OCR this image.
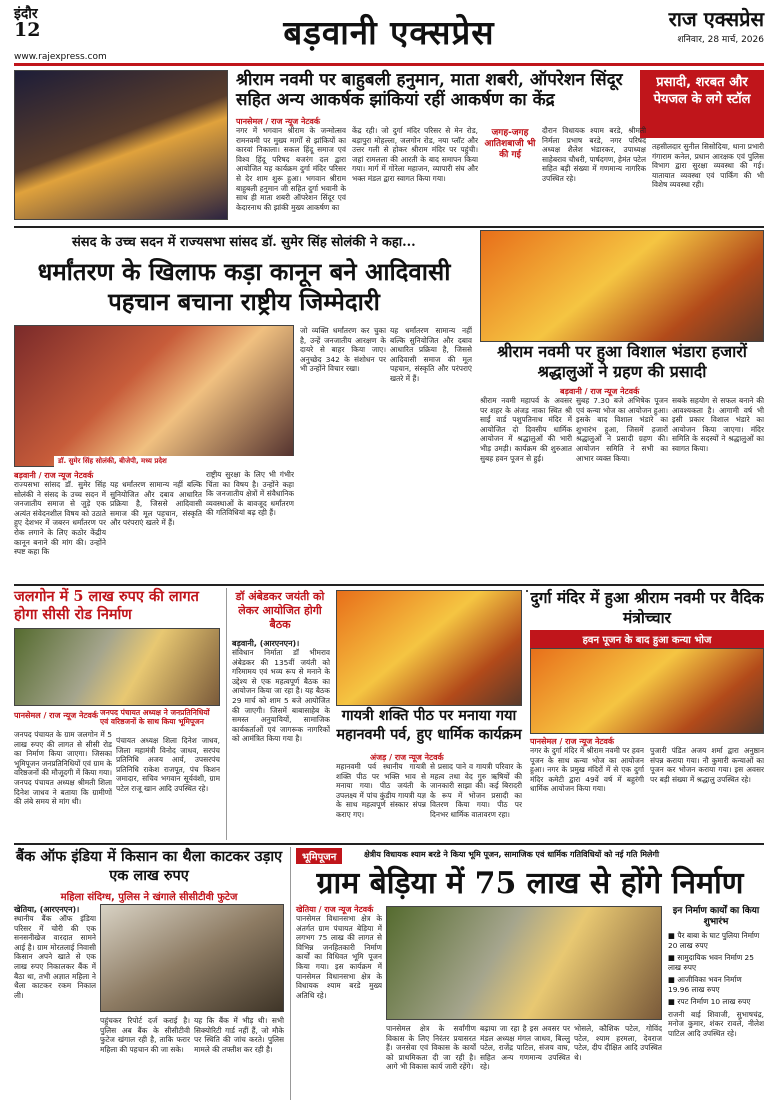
इंदौर
12	बड़वानी एक्सप्रेस	राज एक्सप्रेस
शनिवार, 28 मार्च, 2026
www.rajexpress.com
श्रीराम नवमी पर बाहुबली हनुमान, माता शबरी, ऑपरेशन सिंदूर सहित अन्य आकर्षक झांकियां रहीं आकर्षण का केंद्र
प्रसादी, शरबत और पेयजल के लगे स्टॉल
पानसेमल / राज न्यूज नेटवर्क
नगर में भगवान श्रीराम के जन्मोत्सव रामनवमी पर मुख्य मार्गों से झांकियों का कारवां निकाला। सकल हिंदू समाज एवं विश्व हिंदू परिषद बजरंग दल द्वारा आयोजित यह कार्यक्रम दुर्गा मंदिर परिसर से देर शाम शुरू हुआ। भगवान श्रीराम बाहुबली हनुमान जी सहित दुर्गा भवानी के साथ ही माता शबरी ऑपरेशन सिंदूर एवं केदारनाथ की झांकी मुख्य आकर्षण का
केंद्र रही। जो दुर्गा मंदिर परिसर से मेन रोड, बड़ापुरा मोहल्ला, जलगोन रोड, नया प्लॉट और उत्तर गली से होकर श्रीराम मंदिर पर पहुंची। जहां रामलला की आरती के बाद समापन किया गया। मार्ग में गोरेला महाजन, व्यापारी संघ और भक्त मंडल द्वारा स्वागत किया गया।
जगह-जगह आतिशबाजी भी की गई
दौरान विधायक श्याम बरडे, श्रीमती निर्मला प्रभाष बरडे, नगर परिषद अध्यक्ष शैलेश भंडारकर, उपाध्यक्ष साहेबराव चौधरी, पार्षदगण, हेमंत पटेल सहित बड़ी संख्या में गणमान्य नागरिक उपस्थित रहे।
तहसीलदार सुनील सिसोदिया, थाना प्रभारी गंगाराम कनेल, प्रधान आरक्षक एवं पुलिस विभाग द्वारा सुरक्षा व्यवस्था की गई। यातायात व्यवस्था एवं पार्किंग की भी विशेष व्यवस्था रही।
संसद के उच्च सदन में राज्यसभा सांसद डॉ. सुमेर सिंह सोलंकी ने कहा...
धर्मांतरण के खिलाफ कड़ा कानून बने आदिवासी पहचान बचाना राष्ट्रीय जिम्मेदारी
डॉ. सुमेर सिंह सोलंकी, बीजेपी, मध्य प्रदेश
बड़वानी / राज न्यूज नेटवर्क
राज्यसभा सांसद डॉ. सुमेर सिंह सोलंकी ने संसद के उच्च सदन में जनजातीय समाज से जुड़े एक अत्यंत संवेदनशील विषय को उठाते हुए देशभर में जबरन धर्मांतरण पर रोक लगाने के लिए कठोर केंद्रीय कानून बनाने की मांग की। उन्होंने स्पष्ट कहा कि
यह धर्मांतरण सामान्य नहीं बल्कि सुनियोजित और दबाव आधारित प्रक्रिया है, जिससे आदिवासी समाज की मूल पहचान, संस्कृति और परंपराएं खतरे में हैं।
राष्ट्रीय सुरक्षा के लिए भी गंभीर चिंता का विषय है। उन्होंने कहा कि जनजातीय क्षेत्रों में संवैधानिक व्यवस्थाओं के बावजूद धर्मांतरण की गतिविधियां बढ़ रही हैं।
जो व्यक्ति धर्मांतरण कर चुका है, उन्हें जनजातीय आरक्षण के दायरे से बाहर किया जाए। अनुच्छेद 342 के संशोधन पर भी उन्होंने विचार रखा।
यह धर्मांतरण सामान्य नहीं बल्कि सुनियोजित और दबाव आधारित प्रक्रिया है, जिससे आदिवासी समाज की मूल पहचान, संस्कृति और परंपराएं खतरे में हैं।
श्रीराम नवमी पर हुआ विशाल भंडारा हजारों श्रद्धालुओं ने ग्रहण की प्रसादी
बड़वानी / राज न्यूज नेटवर्क
श्रीराम नवमी महापर्व के अवसर पर शहर के अंजड़ नाका स्थित श्री साईं वार्ड पशुपतिनाथ मंदिर में आयोजित दो दिवसीय धार्मिक आयोजन में श्रद्धालुओं की भारी भीड़ उमड़ी। कार्यक्रम की शुरुआत सुबह हवन पूजन से हुई।
सुबह 7.30 बजे अभिषेक पूजन एवं कन्या भोज का आयोजन हुआ। इसके बाद विशाल भंडारे का शुभारंभ हुआ, जिसमें हजारों श्रद्धालुओं ने प्रसादी ग्रहण की। आयोजन समिति ने सभी का आभार व्यक्त किया।
सबके सहयोग से सफल बनाने की आवश्यकता है। आगामी वर्ष भी इसी प्रकार विशाल भंडारे का आयोजन किया जाएगा। मंदिर समिति के सदस्यों ने श्रद्धालुओं का स्वागत किया।
जलगोन में 5 लाख रुपए की लागत होगा सीसी रोड निर्माण
पानसेमल / राज न्यूज नेटवर्क जनपद पंचायत अध्यक्ष ने जनप्रतिनिधियों एवं वरिष्ठजनों के साथ किया भूमिपूजन
जनपद पंचायत के ग्राम जलगोन में 5 लाख रुपए की लागत से सीसी रोड का निर्माण किया जाएगा। जिसका भूमिपूजन जनप्रतिनिधियों एवं ग्राम के वरिष्ठजनों की मौजूदगी में किया गया। जनपद पंचायत अध्यक्ष श्रीमती शिला दिनेश जाधव ने बताया कि ग्रामीणों की लंबे समय से मांग थी।
पंचायत अध्यक्ष शिला दिनेश जाधव, जिला महामंत्री विनोद जाधव, सरपंच प्रतिनिधि अजय आर्य, उपसरपंच प्रतिनिधि राकेश राजपूत, पंच किशन जमादार, सचिव भगवान सूर्यवंशी, ग्राम पटेल राजू खान आदि उपस्थित रहे।
डॉ अंबेडकर जयंती को लेकर आयोजित होगी बैठक
बड़वानी, (आरएनएन)।
संविधान निर्माता डॉ भीमराव अंबेडकर की 135वीं जयंती को गरिमामय एवं भव्य रूप से मनाने के उद्देश्य से एक महत्वपूर्ण बैठक का आयोजन किया जा रहा है। यह बैठक 29 मार्च को शाम 5 बजे आयोजित की जाएगी। जिसमें बाबासाहेब के समस्त अनुयायियों, सामाजिक कार्यकर्ताओं एवं जागरूक नागरिकों को आमंत्रित किया गया है।
गायत्री शक्ति पीठ पर मनाया गया महानवमी पर्व, हुए धार्मिक कार्यक्रम
अंजड़ / राज न्यूज नेटवर्क
महानवमी पर्व स्थानीय गायत्री शक्ति पीठ पर भक्ति भाव से मनाया गया। पीठ जयंती के उपलक्ष्य में पांच कुंडीय गायत्री यज्ञ के साथ महत्वपूर्ण संस्कार संपन्न कराए गए।
से प्रसाद पाने व गायत्री परिवार के महत्व तथा वेद गुरु ऋषियों की जानकारी साझा की। कई बिरादरी के रूप में भोजन प्रसादी का वितरण किया गया। पीठ पर दिनभर धार्मिक वातावरण रहा।
दुर्गा मंदिर में हुआ श्रीराम नवमी पर वैदिक मंत्रोच्चार
हवन पूजन के बाद हुआ कन्या भोज
पानसेमल / राज न्यूज नेटवर्क
नगर के दुर्गा मंदिर में श्रीराम नवमी पर हवन पूजन के साथ कन्या भोज का आयोजन हुआ। नगर के प्रमुख मंदिरों में से एक दुर्गा मंदिर कमेटी द्वारा 49वें वर्ष में बहुरंगी धार्मिक आयोजन किया गया।
पुजारी पंडित अजय शर्मा द्वारा अनुष्ठान संपन्न कराया गया। नौ कुमारी कन्याओं का पूजन कर भोजन कराया गया। इस अवसर पर बड़ी संख्या में श्रद्धालु उपस्थित रहे।
बैंक ऑफ इंडिया में किसान का थैला काटकर उड़ाए एक लाख रुपए
महिला संदिग्ध, पुलिस ने खंगाले सीसीटीवी फुटेज
खेतिया, (आरएनएन)।
स्थानीय बैंक ऑफ इंडिया परिसर में चोरी की एक सनसनीखेज वारदात सामने आई है। ग्राम मोरतलाई निवासी किसान अपने खाते से एक लाख रुपए निकालकर बैंक में बैठा था, तभी अज्ञात महिला ने थैला काटकर रकम निकाल ली।
पहुंचकर रिपोर्ट दर्ज कराई है। पुलिस अब बैंक के सीसीटीवी फुटेज खंगाल रही है, ताकि फरार महिला की पहचान की जा सके।
यह कि बैंक में भीड़ थी। सभी सिक्योरिटी गार्ड नहीं हैं, जो मौके पर स्थिति की जांच करते। पुलिस मामले की तफ्तीश कर रही है।
भूमिपूजन	क्षेत्रीय विधायक श्याम बरडे ने किया भूमि पूजन, सामाजिक एवं धार्मिक गतिविधियों को नई गति मिलेगी
ग्राम बेड़िया में 75 लाख से होंगे निर्माण
खेतिया / राज न्यूज नेटवर्क
पानसेमल विधानसभा क्षेत्र के अंतर्गत ग्राम पंचायत बेड़िया में लगभग 75 लाख की लागत से विभिन्न जनहितकारी निर्माण कार्यों का विधिवत भूमि पूजन किया गया। इस कार्यक्रम में पानसेमल विधानसभा क्षेत्र के विधायक श्याम बरडे मुख्य अतिथि रहे।
पानसेमल क्षेत्र के सर्वांगीण विकास के लिए निरंतर प्रयासरत हैं। जनसेवा एवं विकास के कार्यों को प्राथमिकता दी जा रही है। आगे भी विकास कार्य जारी रहेंगे।
बढ़ाया जा रहा है इस अवसर पर मंडल अध्यक्ष मंगल जाधव, बिल्लु पटेल, राजेंद्र पाटिल, संजय वाघ, सहित अन्य गणमान्य उपस्थित रहे।
भोसले, कौशिक पटेल, गोविंद पटेल, श्याम हरमला, देवराज पटेल, दीप दीक्षित आदि उपस्थित थे।
इन निर्माण कार्यों का किया शुभारंभ
■ पैर बाबा के घाट पुलिया निर्माण 20 लाख रुपए
■ सामुदायिक भवन निर्माण 25 लाख रुपए
■ आजीविका भवन निर्माण 19.96 लाख रुपए
■ रपट निर्माण 10 लाख रुपए
राजनी बाई शिवाजी, सुभाषचंद्र, मनोज कुमार, शंकर रावले, नीलेश पाटिल आदि उपस्थित रहे।
